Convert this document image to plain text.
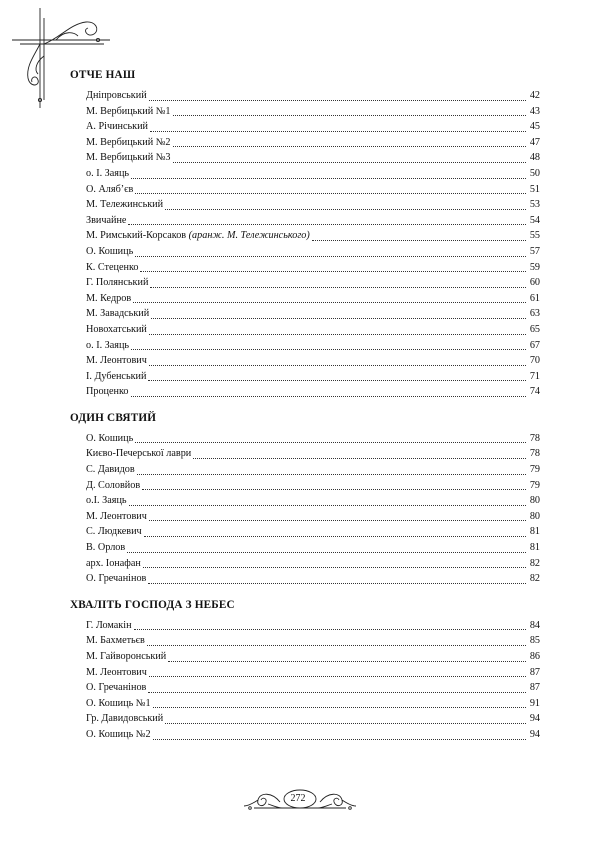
ОТЧЕ НАШ
Дніпровський	42
М. Вербицький №1	43
А. Річинський	45
М. Вербицький №2	47
М. Вербицький №3	48
о. І. Заяць	50
О. Аляб’єв	51
М. Тележинський	53
Звичайне	54
М. Римський-Корсаков (аранж. М. Тележинського)	55
О. Кошиць	57
К. Стеценко	59
Г. Полянський	60
М. Кедров	61
М. Завадський	63
Новохатський	65
о. І. Заяць	67
М. Леонтович	70
І. Дубенський	71
Проценко	74
ОДИН СВЯТИЙ
О. Кошиць	78
Києво-Печерської лаври	78
С. Давидов	79
Д. Соловйов	79
о.І. Заяць	80
М. Леонтович	80
С. Людкевич	81
В. Орлов	81
арх. Іонафан	82
О. Гречанінов	82
ХВАЛІТЬ ГОСПОДА З НЕБЕС
Г. Ломакін	84
М. Бахметьєв	85
М. Гайворонський	86
М. Леонтович	87
О. Гречанінов	87
О. Кошиць №1	91
Гр. Давидовський	94
О. Кошиць №2	94
272
